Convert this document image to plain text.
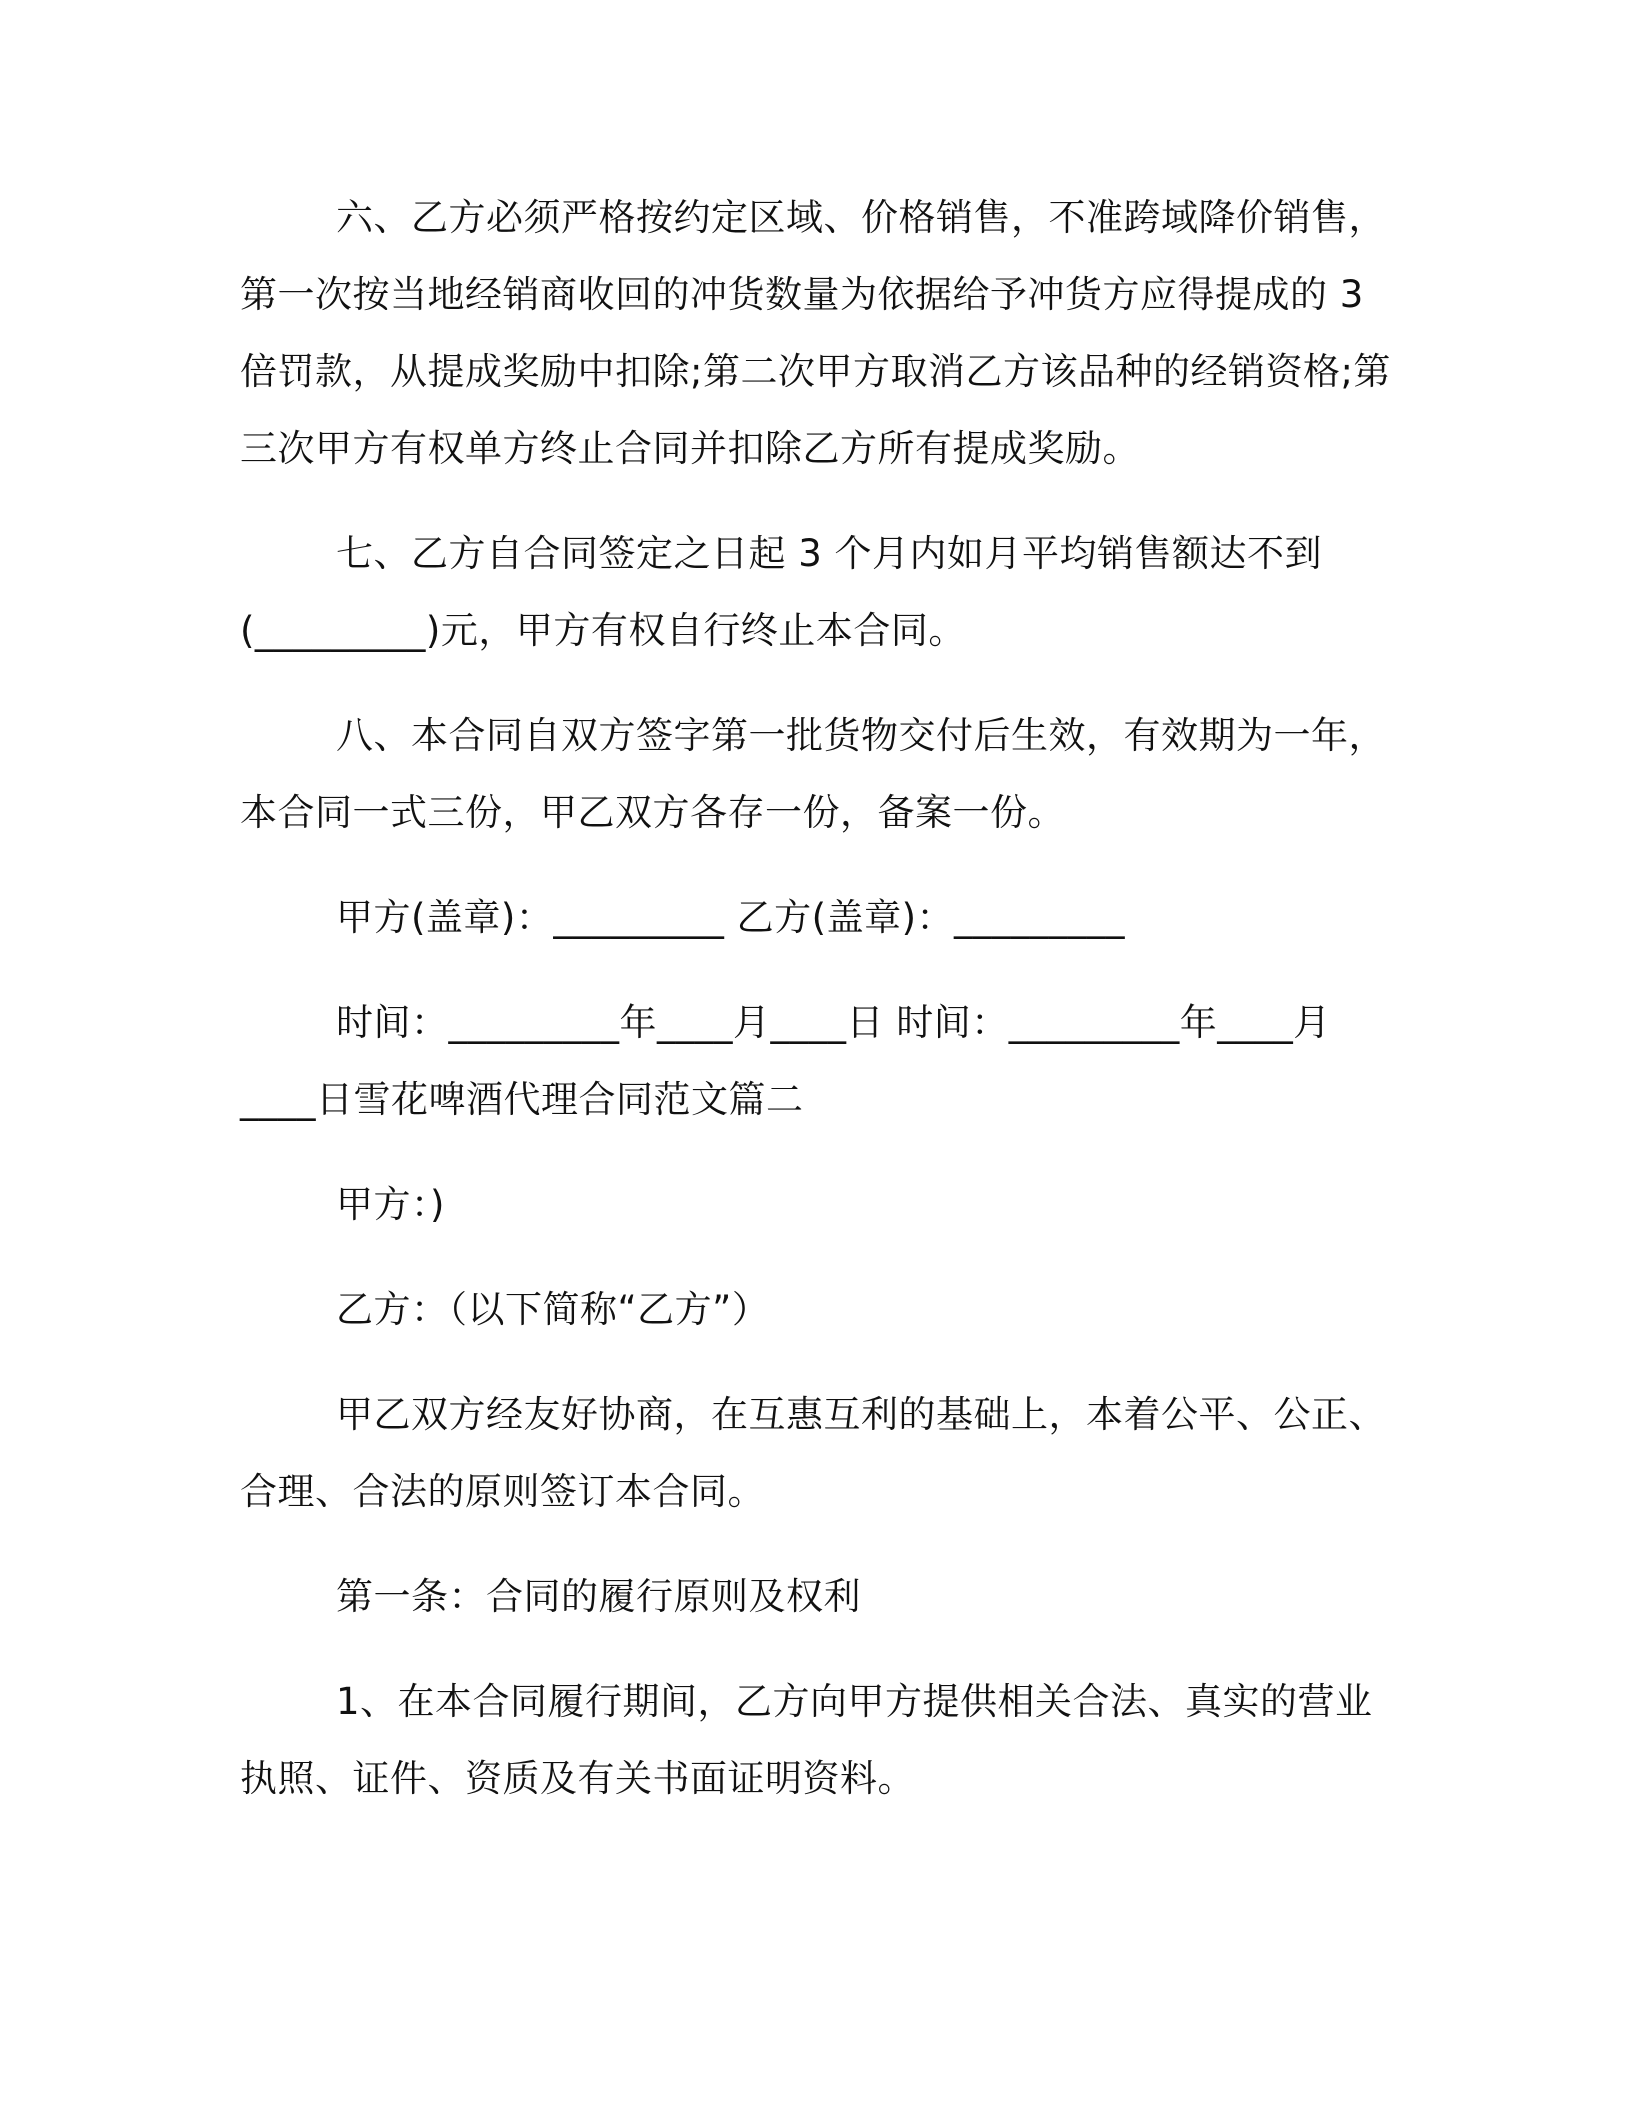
六、乙方必须严格按约定区域、价格销售，不准跨域降价销售，
第一次按当地经销商收回的冲货数量为依据给予冲货方应得提成的 3
倍罚款，从提成奖励中扣除;第二次甲方取消乙方该品种的经销资格;第
三次甲方有权单方终止合同并扣除乙方所有提成奖励。
七、乙方自合同签定之日起 3 个月内如月平均销售额达不到
(_________)元，甲方有权自行终止本合同。
八、本合同自双方签字第一批货物交付后生效，有效期为一年，
本合同一式三份，甲乙双方各存一份，备案一份。
甲方(盖章)：_________ 乙方(盖章)：_________
时间：_________年____月____日 时间：_________年____月
____日雪花啤酒代理合同范文篇二
甲方：)
乙方：（以下简称“乙方”）
甲乙双方经友好协商，在互惠互利的基础上，本着公平、公正、
合理、合法的原则签订本合同。
第一条：合同的履行原则及权利
1、在本合同履行期间，乙方向甲方提供相关合法、真实的营业
执照、证件、资质及有关书面证明资料。
